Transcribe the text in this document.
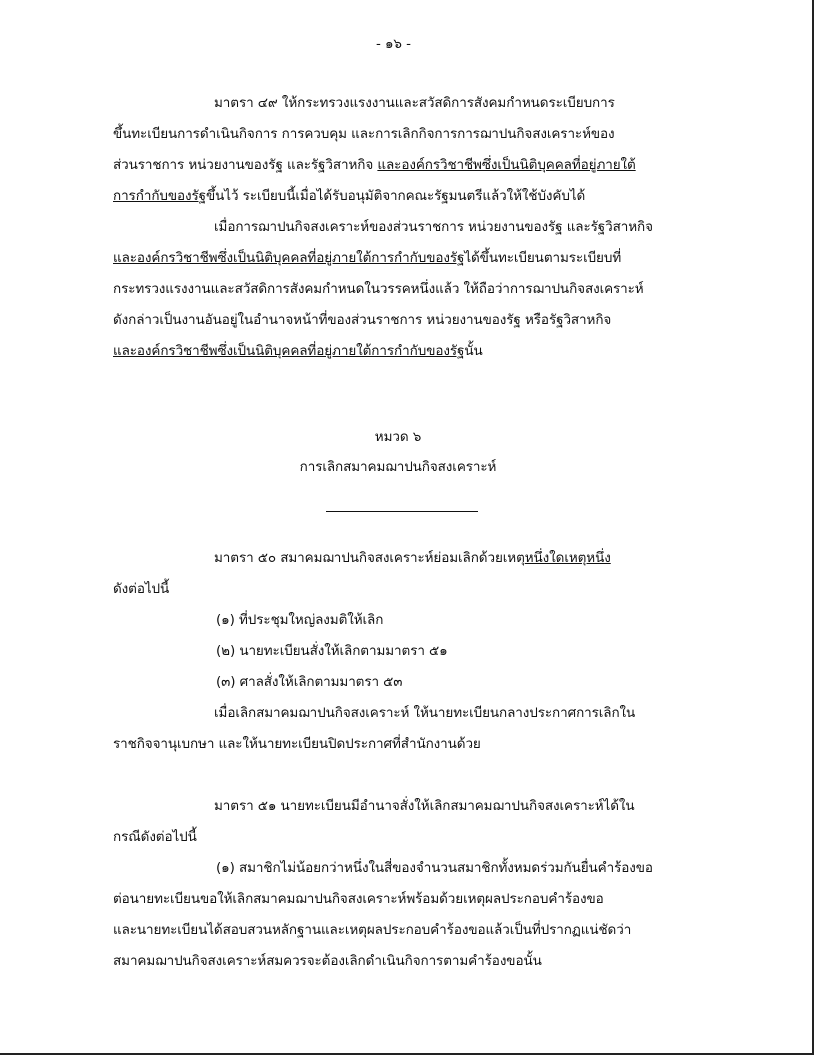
- ๑๖ -
มาตรา ๔๙ ให้กระทรวงแรงงานและสวัสดิการสังคมกำหนดระเบียบการ
ขึ้นทะเบียนการดำเนินกิจการ การควบคุม และการเลิกกิจการการฌาปนกิจสงเคราะห์ของ
ส่วนราชการ หน่วยงานของรัฐ และรัฐวิสาหกิจ และองค์กรวิชาชีพซึ่งเป็นนิติบุคคลที่อยู่ภายใต้
การกำกับของรัฐขึ้นไว้ ระเบียบนี้เมื่อได้รับอนุมัติจากคณะรัฐมนตรีแล้วให้ใช้บังคับได้
เมื่อการฌาปนกิจสงเคราะห์ของส่วนราชการ หน่วยงานของรัฐ และรัฐวิสาหกิจ
และองค์กรวิชาชีพซึ่งเป็นนิติบุคคลที่อยู่ภายใต้การกำกับของรัฐได้ขึ้นทะเบียนตามระเบียบที่
กระทรวงแรงงานและสวัสดิการสังคมกำหนดในวรรคหนึ่งแล้ว ให้ถือว่าการฌาปนกิจสงเคราะห์
ดังกล่าวเป็นงานอันอยู่ในอำนาจหน้าที่ของส่วนราชการ หน่วยงานของรัฐ หรือรัฐวิสาหกิจ
และองค์กรวิชาชีพซึ่งเป็นนิติบุคคลที่อยู่ภายใต้การกำกับของรัฐนั้น
หมวด ๖
การเลิกสมาคมฌาปนกิจสงเคราะห์
มาตรา ๕๐ สมาคมฌาปนกิจสงเคราะห์ย่อมเลิกด้วยเหตุหนึ่งใดเหตุหนึ่ง
ดังต่อไปนี้
(๑) ที่ประชุมใหญ่ลงมติให้เลิก
(๒) นายทะเบียนสั่งให้เลิกตามมาตรา ๕๑
(๓) ศาลสั่งให้เลิกตามมาตรา ๕๓
เมื่อเลิกสมาคมฌาปนกิจสงเคราะห์ ให้นายทะเบียนกลางประกาศการเลิกใน
ราชกิจจานุเบกษา และให้นายทะเบียนปิดประกาศที่สำนักงานด้วย
มาตรา ๕๑ นายทะเบียนมีอำนาจสั่งให้เลิกสมาคมฌาปนกิจสงเคราะห์ได้ใน
กรณีดังต่อไปนี้
(๑) สมาชิกไม่น้อยกว่าหนึ่งในสี่ของจำนวนสมาชิกทั้งหมดร่วมกันยื่นคำร้องขอ
ต่อนายทะเบียนขอให้เลิกสมาคมฌาปนกิจสงเคราะห์พร้อมด้วยเหตุผลประกอบคำร้องขอ
และนายทะเบียนได้สอบสวนหลักฐานและเหตุผลประกอบคำร้องขอแล้วเป็นที่ปรากฏแน่ชัดว่า
สมาคมฌาปนกิจสงเคราะห์สมควรจะต้องเลิกดำเนินกิจการตามคำร้องขอนั้น
